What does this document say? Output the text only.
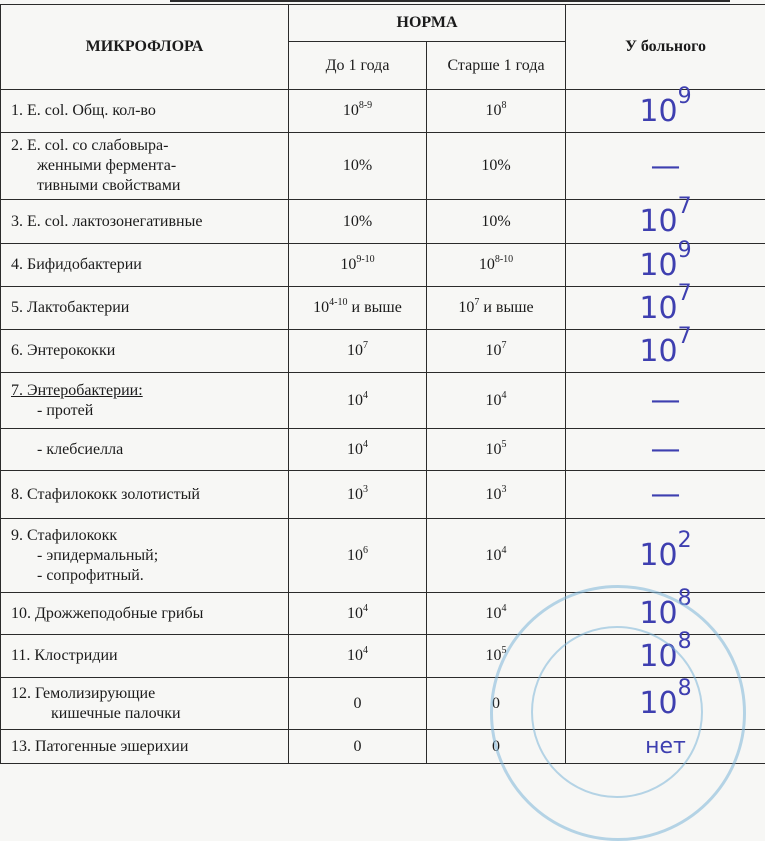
МИКРОФЛОРА	НОРМА		У больного
	До 1 года	Старше 1 года	
1. E. col. Общ. кол-во	10$^{8-9}$	$10^8$	$10^9$
2. E. col. со слабовыра-
женными фермента-
тивными свойствами	10%	10%	—
3. E. col. лактозонегативные	10%	10%	$10^7$
4. Бифидобактерии	10$^{9-10}$	10$^{8-10}$	$10^9$
5. Лактобактерии	10$^{4-10}$ и выше	$10^7$ и выше	$10^7$
6. Энтерококки	$10^7$	$10^7$	$10^7$
7. Энтеробактерии:
- протей	$10^4$	$10^4$	—
- клебсиелла	$10^4$	$10^5$	—
8. Стафилококк золотистый	$10^3$	$10^3$	—
9. Стафилококк
- эпидермальный;
- сопрофитный.	$10^6$	$10^4$	$10^2$
10. Дрожжеподобные грибы	$10^4$	$10^4$	$10^8$
11. Клостридии	$10^4$	$10^5$	$10^8$
12. Гемолизирующие
кишечные палочки	0	0	$10^8$
13. Патогенные эшерихии	0	0	нет
